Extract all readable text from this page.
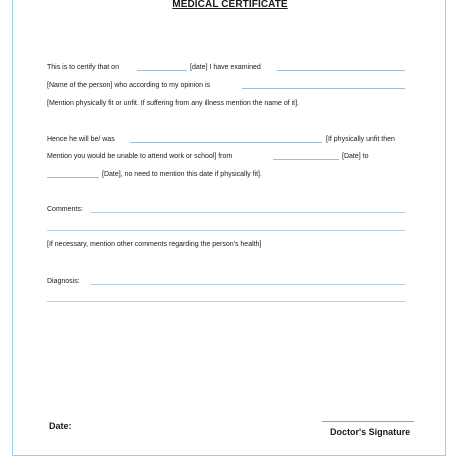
MEDICAL CERTIFICATE
This is to certify that on	[date] I have examined
[Name of the person] who according to my opinion is
[Mention physically fit or unfit. If suffering from any illness mention the name of it].
Hence he will be/ was	[If physically unfit then
Mention you would be unable to attend work or school] from	[Date] to
[Date], no need to mention this date if physically fit].
Comments:
[If necessary, mention other comments regarding the person's health]
Diagnosis:
Date:
Doctor's Signature
